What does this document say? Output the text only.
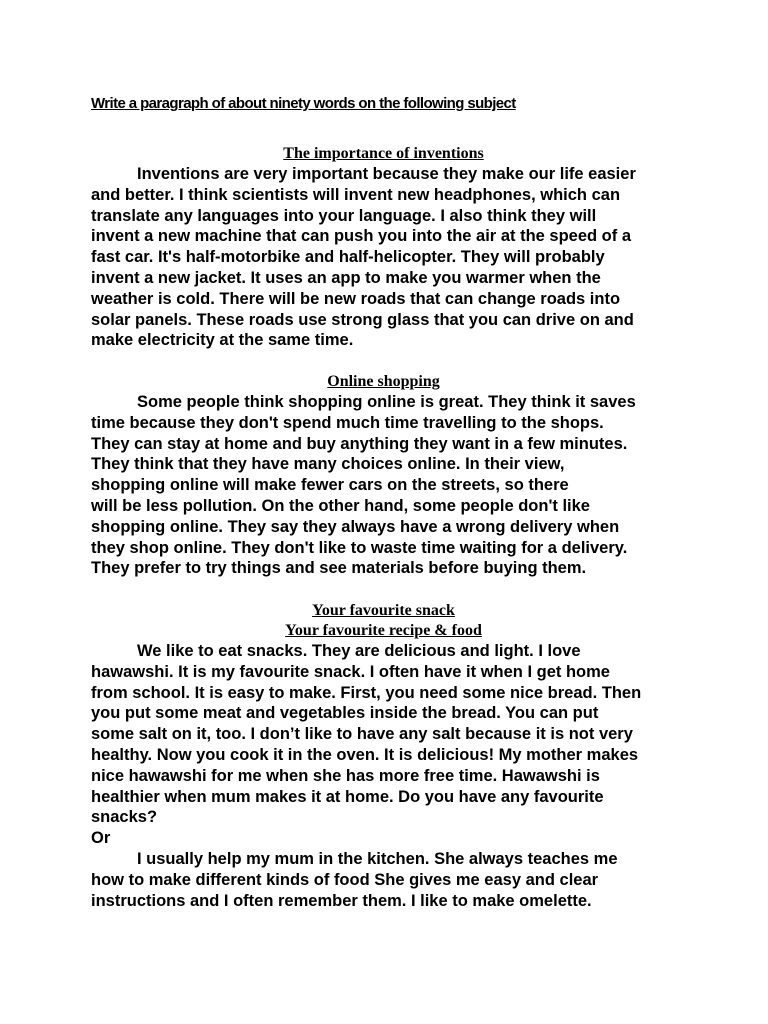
Write a paragraph of about ninety words on the following subject
The importance of inventions
Inventions are very important because they make our life easier
and better. I think scientists will invent new headphones, which can
translate any languages into your language. I also think they will
invent a new machine that can push you into the air at the speed of a
fast car. It's half-motorbike and half-helicopter. They will probably
invent a new jacket. It uses an app to make you warmer when the
weather is cold. There will be new roads that can change roads into
solar panels. These roads use strong glass that you can drive on and
make electricity at the same time.
Online shopping
Some people think shopping online is great. They think it saves
time because they don't spend much time travelling to the shops.
They can stay at home and buy anything they want in a few minutes.
They think that they have many choices online. In their view,
shopping online will make fewer cars on the streets, so there
will be less pollution. On the other hand, some people don't like
shopping online. They say they always have a wrong delivery when
they shop online. They don't like to waste time waiting for a delivery.
They prefer to try things and see materials before buying them.
Your favourite snack
Your favourite recipe & food
We like to eat snacks. They are delicious and light. I love
hawawshi. It is my favourite snack. I often have it when I get home
from school. It is easy to make. First, you need some nice bread. Then
you put some meat and vegetables inside the bread. You can put
some salt on it, too. I don’t like to have any salt because it is not very
healthy. Now you cook it in the oven. It is delicious! My mother makes
nice hawawshi for me when she has more free time. Hawawshi is
healthier when mum makes it at home. Do you have any favourite
snacks?
Or
I usually help my mum in the kitchen. She always teaches me
how to make different kinds of food She gives me easy and clear
instructions and I often remember them. I like to make omelette.
